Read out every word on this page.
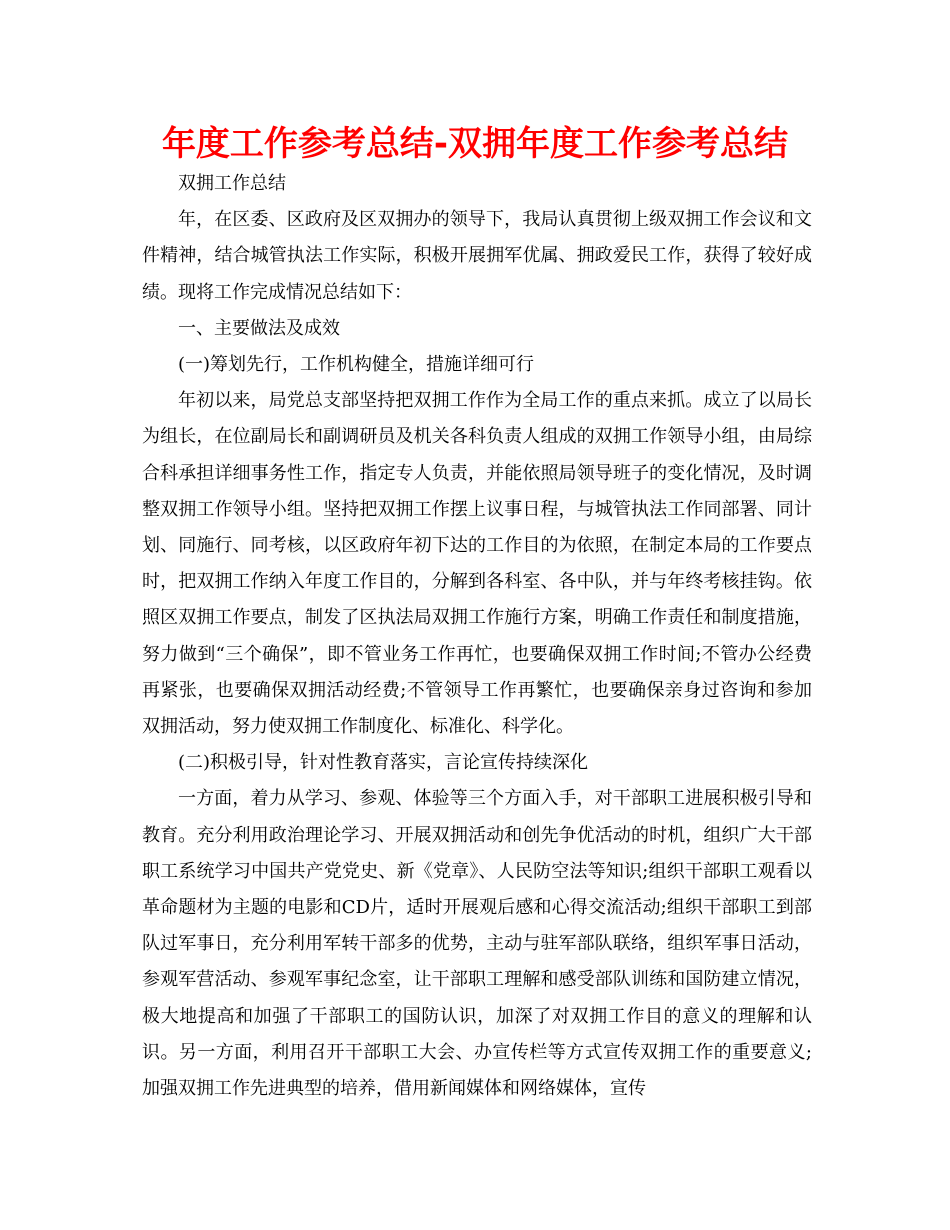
年度工作参考总结-双拥年度工作参考总结

双拥工作总结

年，在区委、区政府及区双拥办的领导下，我局认真贯彻上级双拥工作会议和文件精神，结合城管执法工作实际，积极开展拥军优属、拥政爱民工作，获得了较好成绩。现将工作完成情况总结如下：

一、主要做法及成效

(一)筹划先行，工作机构健全，措施详细可行

年初以来，局党总支部坚持把双拥工作作为全局工作的重点来抓。成立了以局长为组长，在位副局长和副调研员及机关各科负责人组成的双拥工作领导小组，由局综合科承担详细事务性工作，指定专人负责，并能依照局领导班子的变化情况，及时调整双拥工作领导小组。坚持把双拥工作摆上议事日程，与城管执法工作同部署、同计划、同施行、同考核，以区政府年初下达的工作目的为依照，在制定本局的工作要点时，把双拥工作纳入年度工作目的，分解到各科室、各中队，并与年终考核挂钩。依照区双拥工作要点，制发了区执法局双拥工作施行方案，明确工作责任和制度措施，努力做到“三个确保”，即不管业务工作再忙，也要确保双拥工作时间;不管办公经费再紧张，也要确保双拥活动经费;不管领导工作再繁忙，也要确保亲身过咨询和参加双拥活动，努力使双拥工作制度化、标准化、科学化。

(二)积极引导，针对性教育落实，言论宣传持续深化

一方面，着力从学习、参观、体验等三个方面入手，对干部职工进展积极引导和教育。充分利用政治理论学习、开展双拥活动和创先争优活动的时机，组织广大干部职工系统学习中国共产党党史、新《党章》、人民防空法等知识;组织干部职工观看以革命题材为主题的电影和CD片，适时开展观后感和心得交流活动;组织干部职工到部队过军事日，充分利用军转干部多的优势，主动与驻军部队联络，组织军事日活动，参观军营活动、参观军事纪念室，让干部职工理解和感受部队训练和国防建立情况，极大地提高和加强了干部职工的国防认识，加深了对双拥工作目的意义的理解和认识。另一方面，利用召开干部职工大会、办宣传栏等方式宣传双拥工作的重要意义;加强双拥工作先进典型的培养，借用新闻媒体和网络媒体，宣传
